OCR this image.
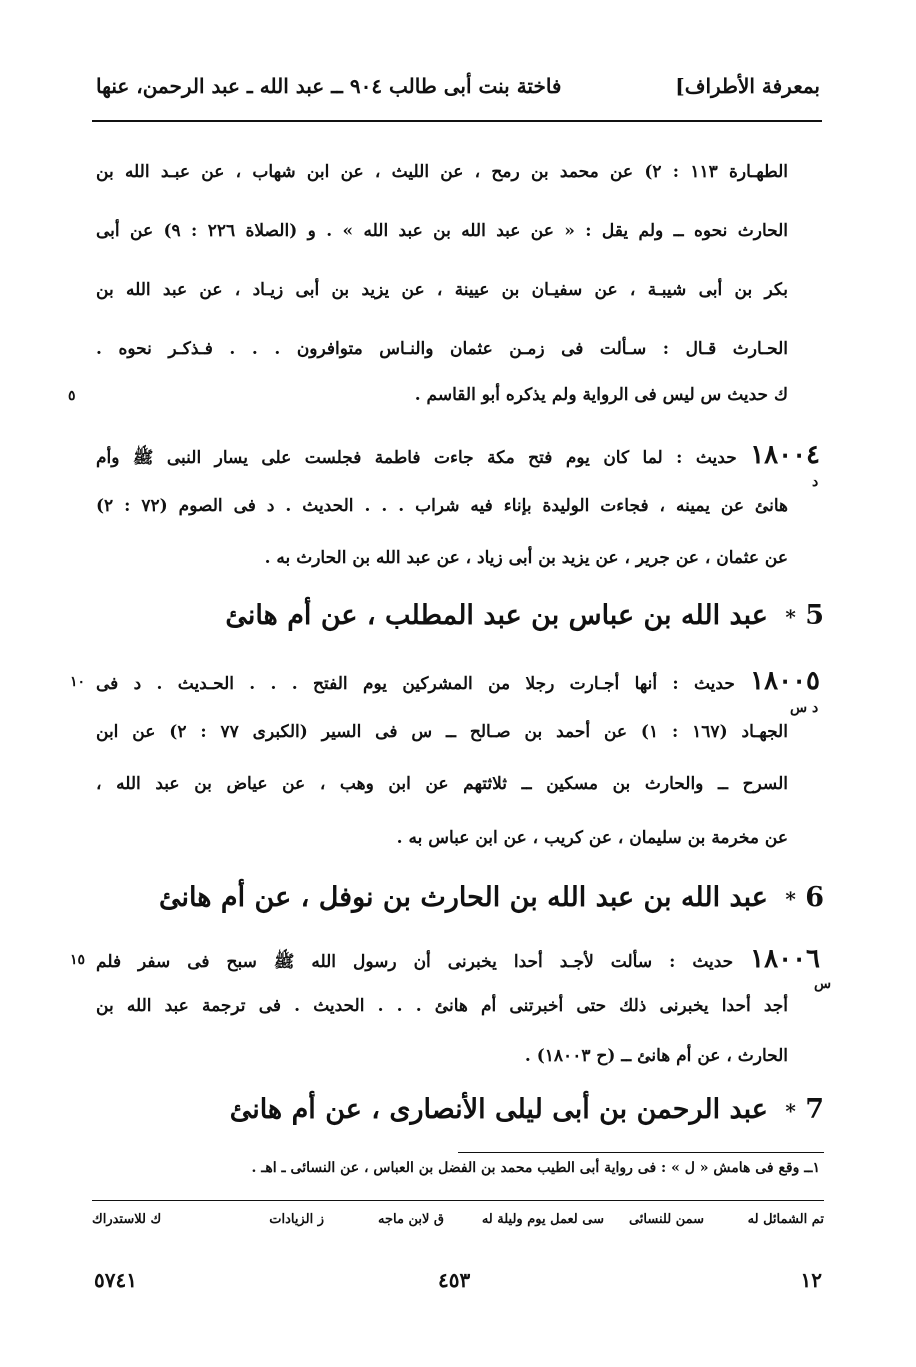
بمعرفة الأطراف]
فاختة بنت أبى طالب ٩٠٤ ــ عبد الله ـ عبد الرحمن، عنها
الطهـارة ١١٣ : ٢) عن محمد بن رمح ، عن الليث ، عن ابن شهاب ، عن عبـد الله بن
الحارث نحوه ــ ولم يقل : « عن عبد الله بن عبد الله » . و (الصلاة ٢٢٦ : ٩) عن أبى
بكر بن أبى شيبـة ، عن سفيـان بن عيينة ، عن يزيد بن أبى زيـاد ، عن عبد الله بن
الحـارث قـال : سـألت فى زمـن عثمان والنـاس متوافرون . . . فـذكـر نحوه .
ك حديث س ليس فى الرواية ولم يذكره أبو القاسم .
٥
١٨٠٠٤ حديث : لما كان يوم فتح مكة جاءت فاطمة فجلست على يسار النبى ﷺ وأم
د
هانئ عن يمينه ، فجاءت الوليدة بإناء فيه شراب . . . الحديث . د فى الصوم (٧٢ : ٢)
عن عثمان ، عن جرير ، عن يزيد بن أبى زياد ، عن عبد الله بن الحارث به .
5 * عبد الله بن عباس بن عبد المطلب ، عن أم هانئ
١٨٠٠٥ حديث : أنها أجـارت رجلا من المشركين يوم الفتح . . . الحـديث . د فى
١٠
د س
الجهـاد (١٦٧ : ١) عن أحمد بن صـالح ــ س فى السير (الكبرى ٧٧ : ٢) عن ابن
السرح ــ والحارث بن مسكين ــ ثلاثتهم عن ابن وهب ، عن عياض بن عبد الله ،
عن مخرمة بن سليمان ، عن كريب ، عن ابن عباس به .
6 * عبد الله بن عبد الله بن الحارث بن نوفل ، عن أم هانئ
١٨٠٠٦ حديث : سألت لأجـد أحدا يخبرنى أن رسول الله ﷺ سبح فى سفر فلم
١٥
س
أجد أحدا يخبرنى ذلك حتى أخبرتنى أم هانئ . . . الحديث . فى ترجمة عبد الله بن
الحارث ، عن أم هانئ ــ (ح ١٨٠٠٣) .
7 * عبد الرحمن بن أبى ليلى الأنصارى ، عن أم هانئ
١ــ وقع فى هامش « ل » : فى رواية أبى الطيب محمد بن الفضل بن العباس ، عن النسائى ـ اهـ .
تم الشمائل له
سمن للنسائى
سى لعمل يوم وليلة له
ق لابن ماجه
ز الزيادات
ك للاستدراك
١٢
٤٥٣
٥٧٤١
